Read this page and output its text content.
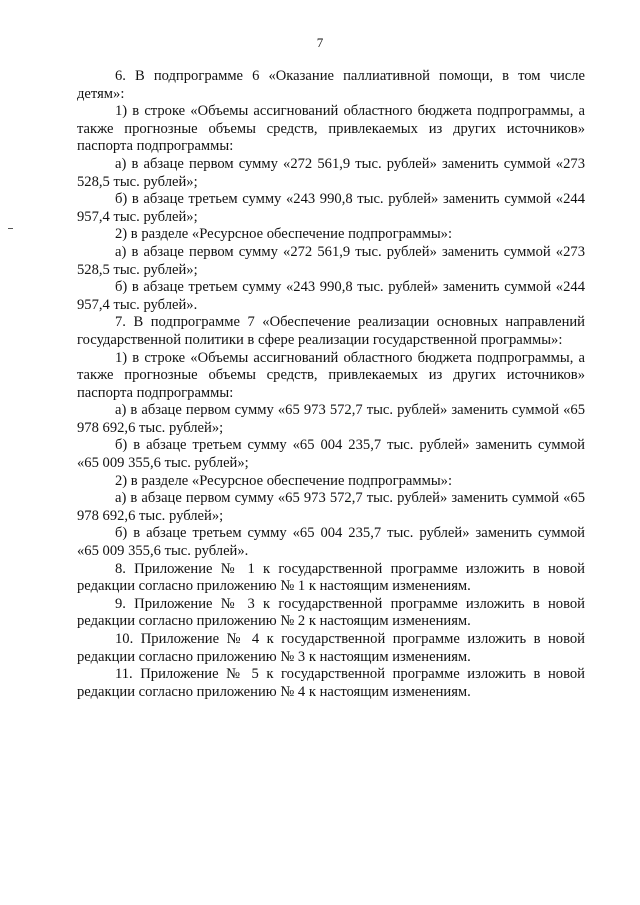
7

6. В подпрограмме 6 «Оказание паллиативной помощи, в том числе детям»:

1) в строке «Объемы ассигнований областного бюджета подпрограммы, а также прогнозные объемы средств, привлекаемых из других источников» паспорта подпрограммы:

а) в абзаце первом сумму «272 561,9 тыс. рублей» заменить суммой «273 528,5 тыс. рублей»;

б) в абзаце третьем сумму «243 990,8 тыс. рублей» заменить суммой «244 957,4 тыс. рублей»;

2) в разделе «Ресурсное обеспечение подпрограммы»:

а) в абзаце первом сумму «272 561,9 тыс. рублей» заменить суммой «273 528,5 тыс. рублей»;

б) в абзаце третьем сумму «243 990,8 тыс. рублей» заменить суммой «244 957,4 тыс. рублей».

7. В подпрограмме 7 «Обеспечение реализации основных направлений государственной политики в сфере реализации государственной программы»:

1) в строке «Объемы ассигнований областного бюджета подпрограммы, а также прогнозные объемы средств, привлекаемых из других источников» паспорта подпрограммы:

а) в абзаце первом сумму «65 973 572,7 тыс. рублей» заменить суммой «65 978 692,6 тыс. рублей»;

б) в абзаце третьем сумму «65 004 235,7 тыс. рублей» заменить суммой «65 009 355,6 тыс. рублей»;

2) в разделе «Ресурсное обеспечение подпрограммы»:

а) в абзаце первом сумму «65 973 572,7 тыс. рублей» заменить суммой «65 978 692,6 тыс. рублей»;

б) в абзаце третьем сумму «65 004 235,7 тыс. рублей» заменить суммой «65 009 355,6 тыс. рублей».

8. Приложение № 1 к государственной программе изложить в новой редакции согласно приложению № 1 к настоящим изменениям.

9. Приложение № 3 к государственной программе изложить в новой редакции согласно приложению № 2 к настоящим изменениям.

10. Приложение № 4 к государственной программе изложить в новой редакции согласно приложению № 3 к настоящим изменениям.

11. Приложение № 5 к государственной программе изложить в новой редакции согласно приложению № 4 к настоящим изменениям.
